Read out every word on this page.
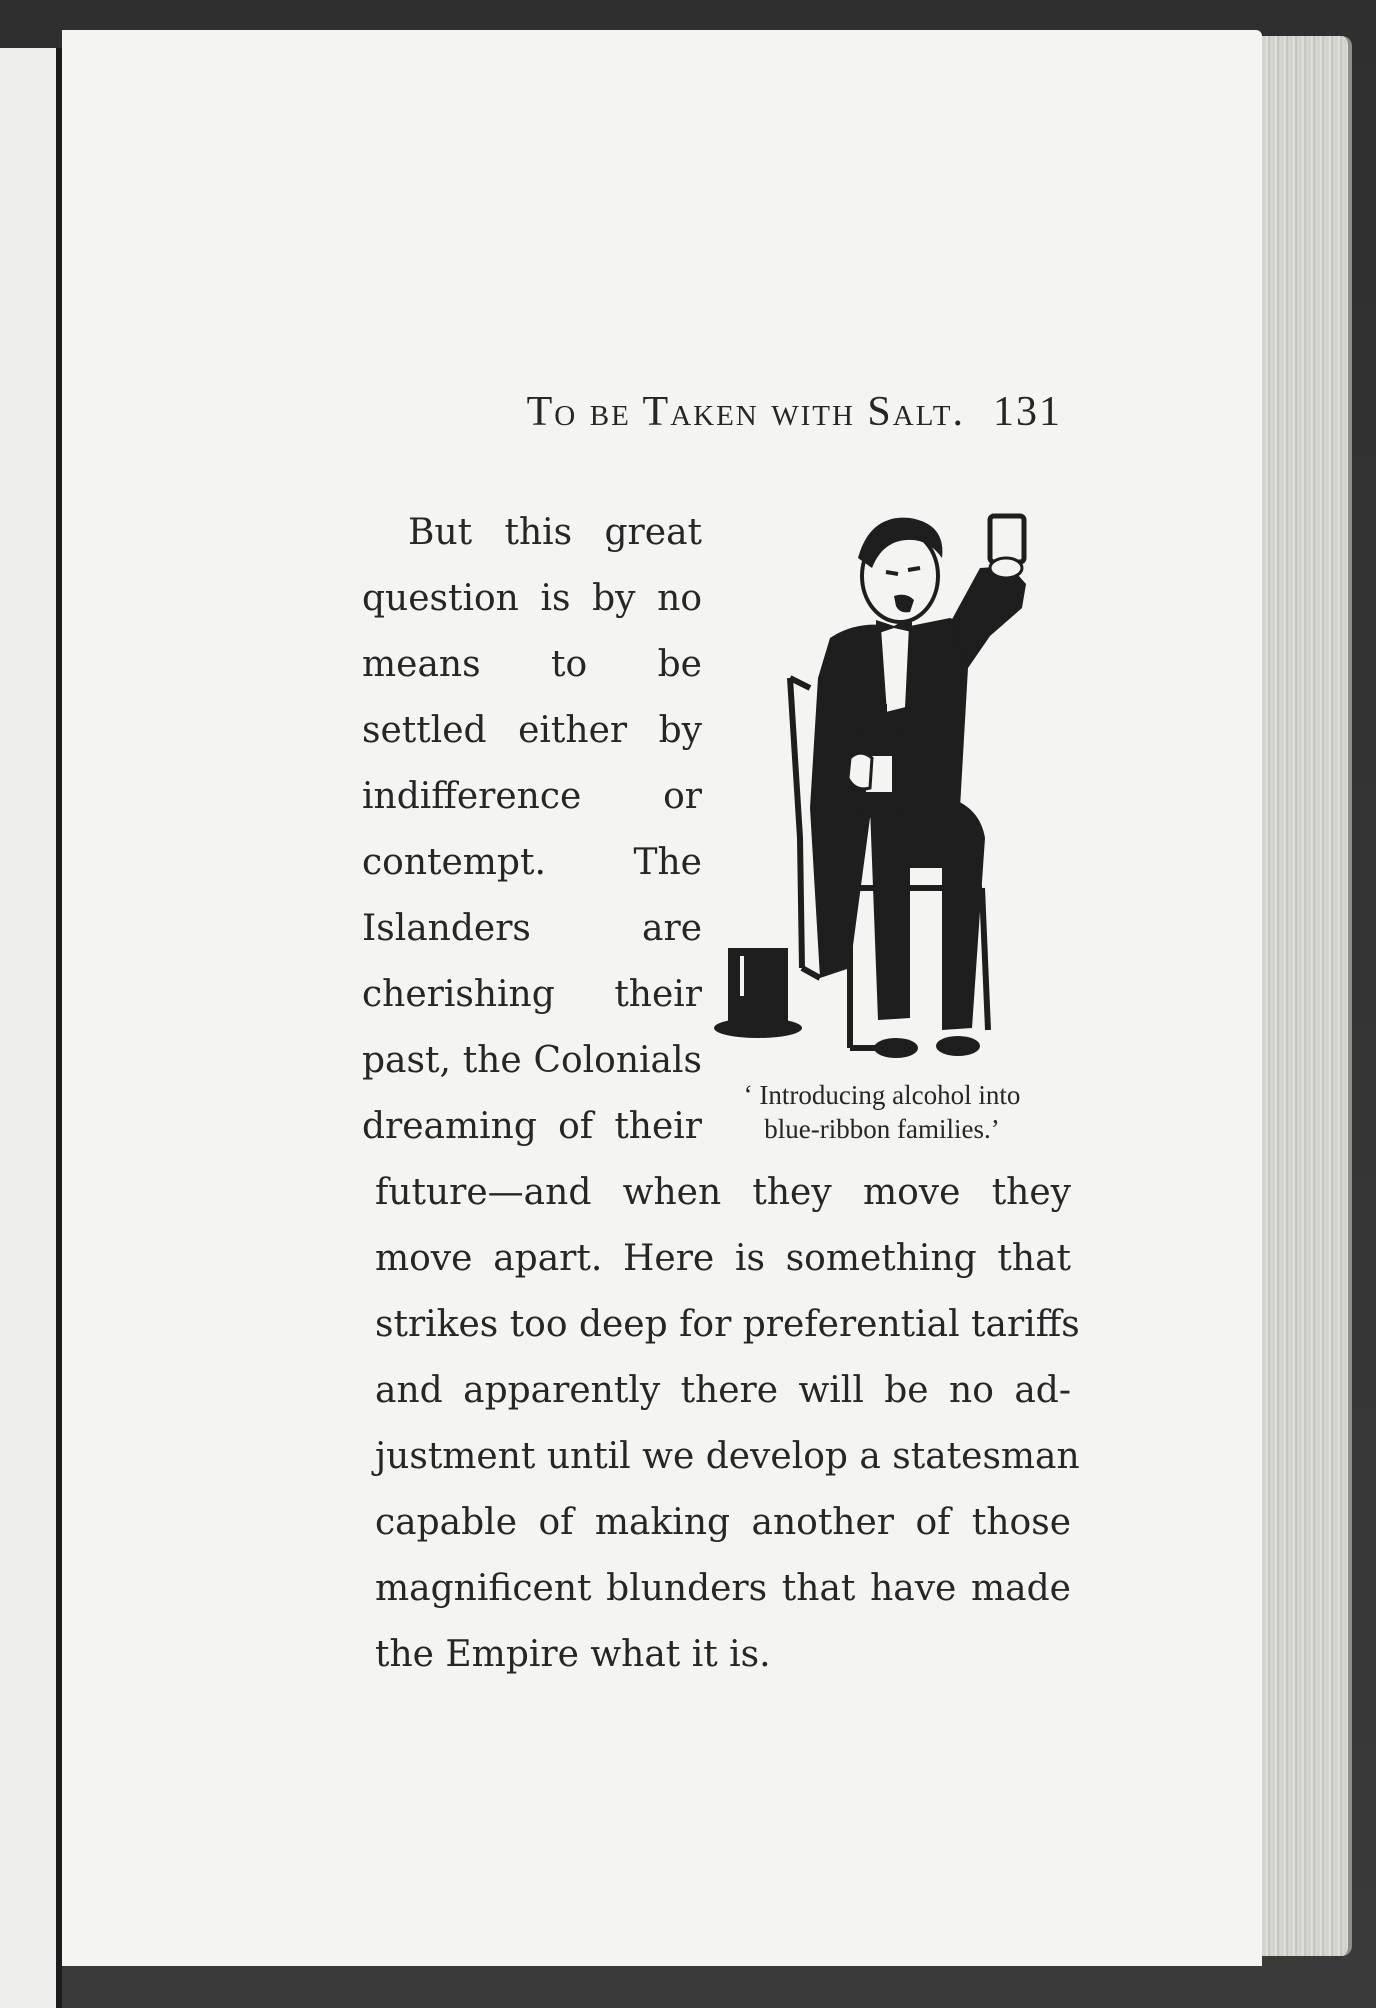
To be Taken with Salt. 131
But this great
question is by no
means to be
settled either by
indifference or
contempt. The
Islanders are
cherishing their
past, the Colonials
dreaming of their
‘ Introducing alcohol into
blue-ribbon families.’
future—and when they move they
move apart. Here is something that
strikes too deep for preferential tariffs
and apparently there will be no ad-
justment until we develop a statesman
capable of making another of those
magnificent blunders that have made
the Empire what it is.
